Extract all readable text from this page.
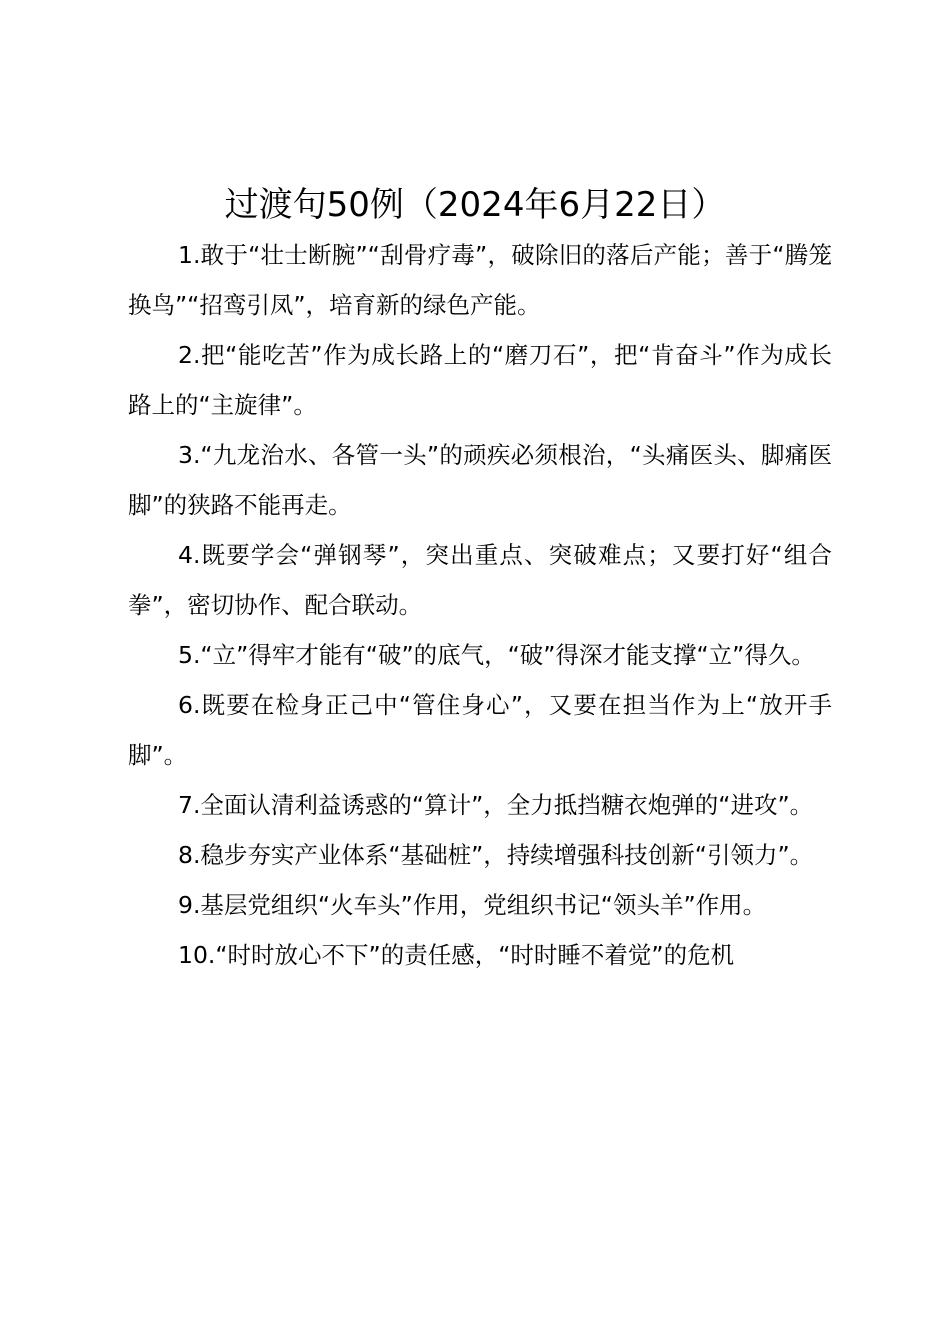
过渡句50例（2024年6月22日）

1.敢于“壮士断腕”“刮骨疗毒”，破除旧的落后产能；善于“腾笼换鸟”“招鸾引凤”，培育新的绿色产能。

2.把“能吃苦”作为成长路上的“磨刀石”，把“肯奋斗”作为成长路上的“主旋律”。

3.“九龙治水、各管一头”的顽疾必须根治，“头痛医头、脚痛医脚”的狭路不能再走。

4.既要学会“弹钢琴”，突出重点、突破难点；又要打好“组合拳”，密切协作、配合联动。

5.“立”得牢才能有“破”的底气，“破”得深才能支撑“立”得久。

6.既要在检身正己中“管住身心”，又要在担当作为上“放开手脚”。

7.全面认清利益诱惑的“算计”，全力抵挡糖衣炮弹的“进攻”。

8.稳步夯实产业体系“基础桩”，持续增强科技创新“引领力”。

9.基层党组织“火车头”作用，党组织书记“领头羊”作用。

10.“时时放心不下”的责任感，“时时睡不着觉”的危机
